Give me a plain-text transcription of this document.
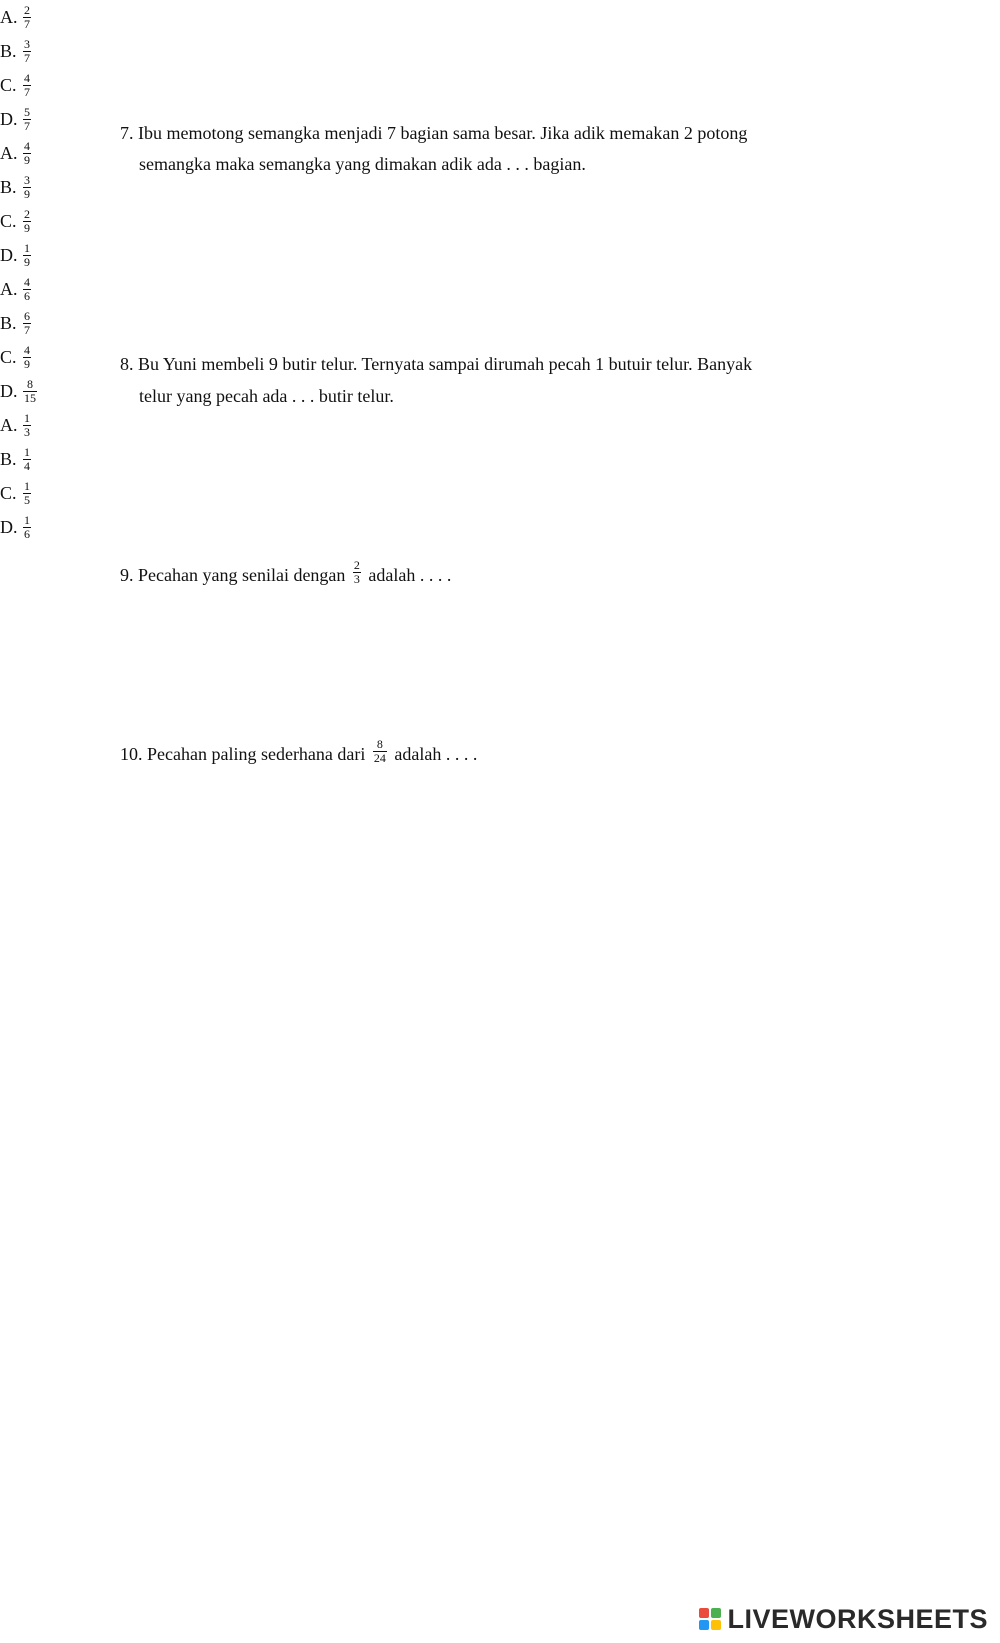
7. Ibu memotong semangka menjadi 7 bagian sama besar. Jika adik memakan 2 potong
semangka maka semangka yang dimakan adik ada . . . bagian.
A. $\frac{2}{7}$
B. $\frac{3}{7}$
C. $\frac{4}{7}$
D. $\frac{5}{7}$
8. Bu Yuni membeli 9 butir telur. Ternyata sampai dirumah pecah 1 butuir telur. Banyak
telur yang pecah ada . . . butir telur.
A. $\frac{4}{9}$
B. $\frac{3}{9}$
C. $\frac{2}{9}$
D. $\frac{1}{9}$
9. Pecahan yang senilai dengan $\frac{2}{3}$ adalah . . . .
A. $\frac{4}{6}$
B. $\frac{6}{7}$
C. $\frac{4}{9}$
D. $\frac{8}{15}$
10. Pecahan paling sederhana dari $\frac{8}{24}$ adalah . . . .
A. $\frac{1}{3}$
B. $\frac{1}{4}$
C. $\frac{1}{5}$
D. $\frac{1}{6}$
LIVEWORKSHEETS
